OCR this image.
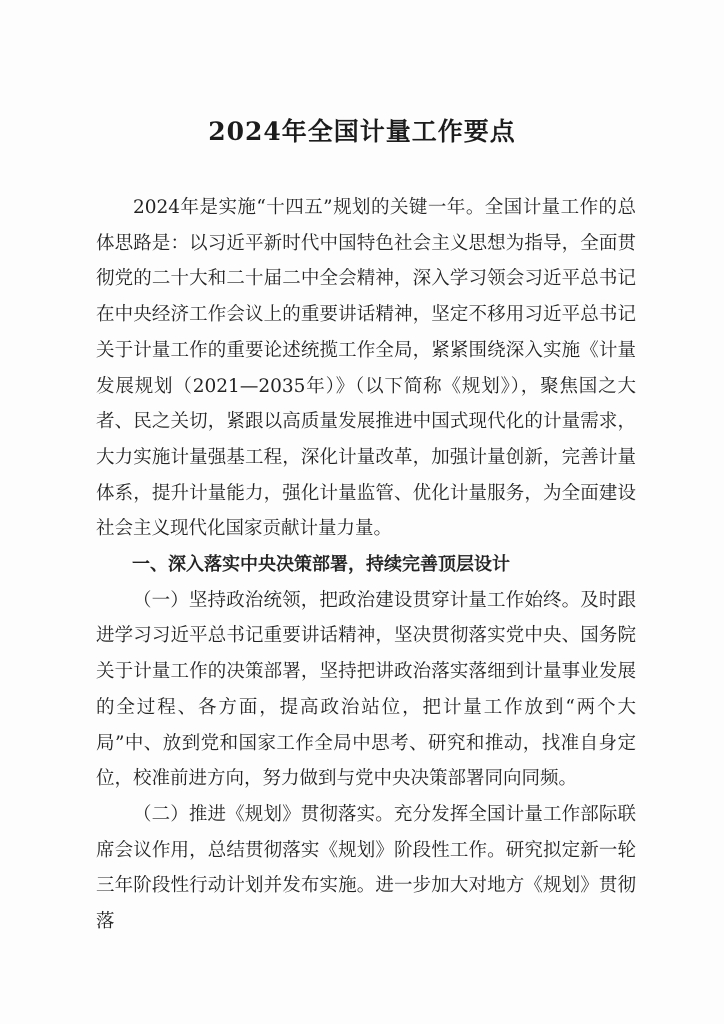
2024年全国计量工作要点

2024年是实施“十四五”规划的关键一年。全国计量工作的总体思路是：以习近平新时代中国特色社会主义思想为指导，全面贯彻党的二十大和二十届二中全会精神，深入学习领会习近平总书记在中央经济工作会议上的重要讲话精神，坚定不移用习近平总书记关于计量工作的重要论述统揽工作全局，紧紧围绕深入实施《计量发展规划（2021—2035年）》（以下简称《规划》），聚焦国之大者、民之关切，紧跟以高质量发展推进中国式现代化的计量需求，大力实施计量强基工程，深化计量改革，加强计量创新，完善计量体系，提升计量能力，强化计量监管、优化计量服务，为全面建设社会主义现代化国家贡献计量力量。

一、深入落实中央决策部署，持续完善顶层设计

（一）坚持政治统领，把政治建设贯穿计量工作始终。及时跟进学习习近平总书记重要讲话精神，坚决贯彻落实党中央、国务院关于计量工作的决策部署，坚持把讲政治落实落细到计量事业发展的全过程、各方面，提高政治站位，把计量工作放到“两个大局”中、放到党和国家工作全局中思考、研究和推动，找准自身定位，校准前进方向，努力做到与党中央决策部署同向同频。

（二）推进《规划》贯彻落实。充分发挥全国计量工作部际联席会议作用，总结贯彻落实《规划》阶段性工作。研究拟定新一轮三年阶段性行动计划并发布实施。进一步加大对地方《规划》贯彻落
